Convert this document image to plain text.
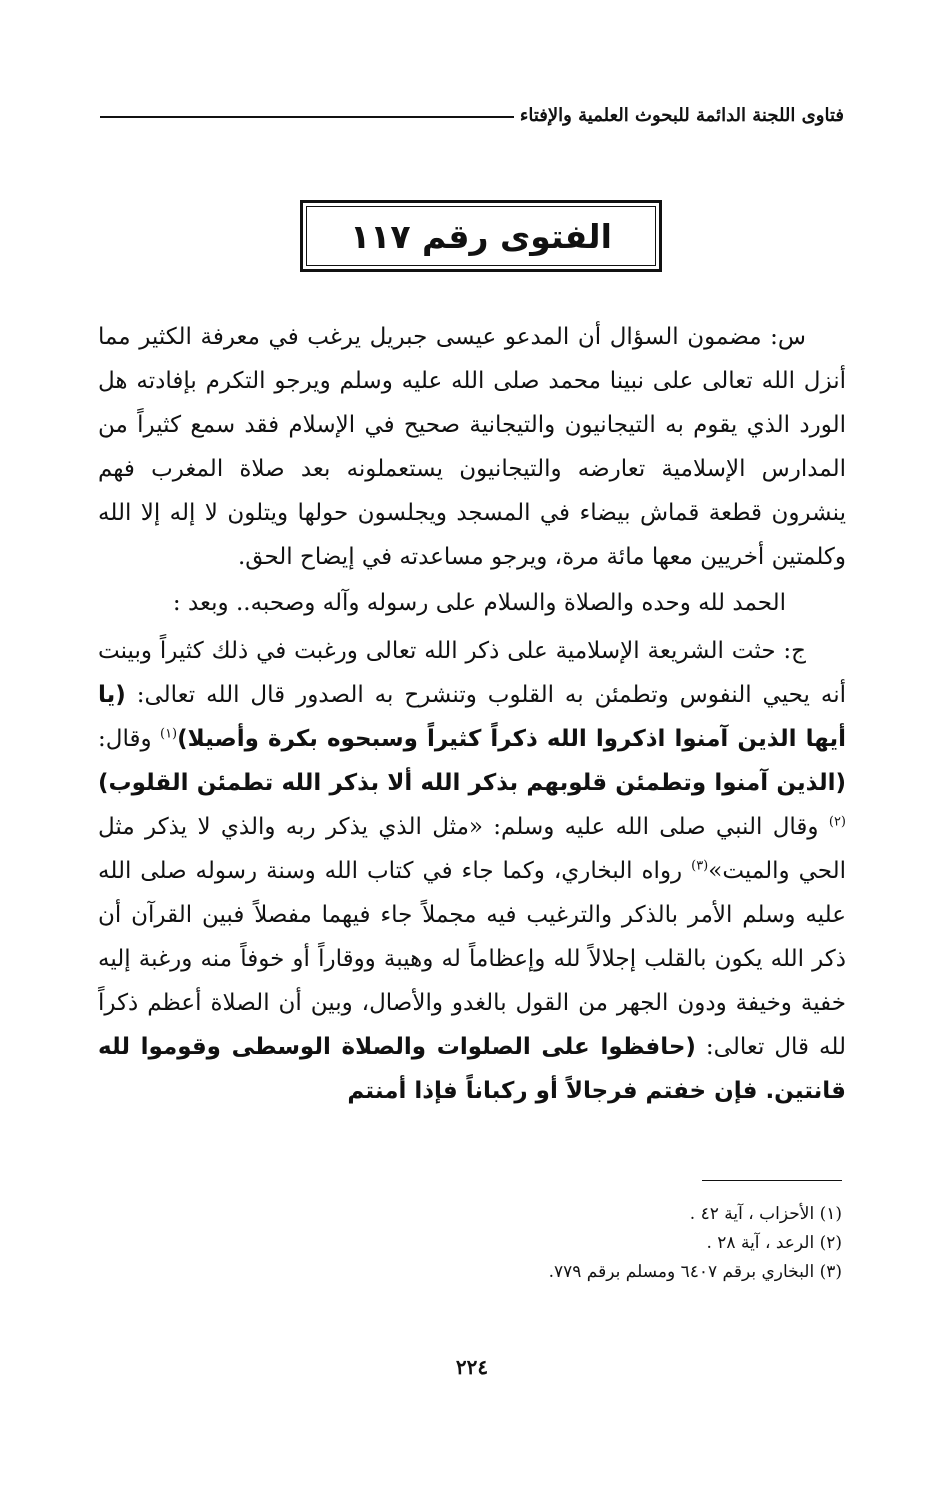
فتاوى اللجنة الدائمة للبحوث العلمية والإفتاء
الفتوى رقم ١١٧

س: مضمون السؤال أن المدعو عيسى جبريل يرغب في معرفة الكثير مما أنزل الله تعالى على نبينا محمد صلى الله عليه وسلم ويرجو التكرم بإفادته هل الورد الذي يقوم به التيجانيون والتيجانية صحيح في الإسلام فقد سمع كثيراً من المدارس الإسلامية تعارضه والتيجانيون يستعملونه بعد صلاة المغرب فهم ينشرون قطعة قماش بيضاء في المسجد ويجلسون حولها ويتلون لا إله إلا الله وكلمتين أخريين معها مائة مرة، ويرجو مساعدته في إيضاح الحق.

الحمد لله وحده والصلاة والسلام على رسوله وآله وصحبه.. وبعد :

ج: حثت الشريعة الإسلامية على ذكر الله تعالى ورغبت في ذلك كثيراً وبينت أنه يحيي النفوس وتطمئن به القلوب وتنشرح به الصدور قال الله تعالى: (يا أيها الذين آمنوا اذكروا الله ذكراً كثيراً وسبحوه بكرة وأصيلا)$^{(١)}$ وقال: (الذين آمنوا وتطمئن قلوبهم بذكر الله ألا بذكر الله تطمئن القلوب)$^{(٢)}$ وقال النبي صلى الله عليه وسلم: «مثل الذي يذكر ربه والذي لا يذكر مثل الحي والميت»$^{(٣)}$ رواه البخاري، وكما جاء في كتاب الله وسنة رسوله صلى الله عليه وسلم الأمر بالذكر والترغيب فيه مجملاً جاء فيهما مفصلاً فبين القرآن أن ذكر الله يكون بالقلب إجلالاً لله وإعظاماً له وهيبة ووقاراً أو خوفاً منه ورغبة إليه خفية وخيفة ودون الجهر من القول بالغدو والأصال، وبين أن الصلاة أعظم ذكراً لله قال تعالى: (حافظوا على الصلوات والصلاة الوسطى وقوموا لله قانتين. فإن خفتم فرجالاً أو ركباناً فإذا أمنتم

(١) الأحزاب ، آية ٤٢ .
(٢) الرعد ، آية ٢٨ .
(٣) البخاري برقم ٦٤٠٧ ومسلم برقم ٧٧٩.
٢٢٤
